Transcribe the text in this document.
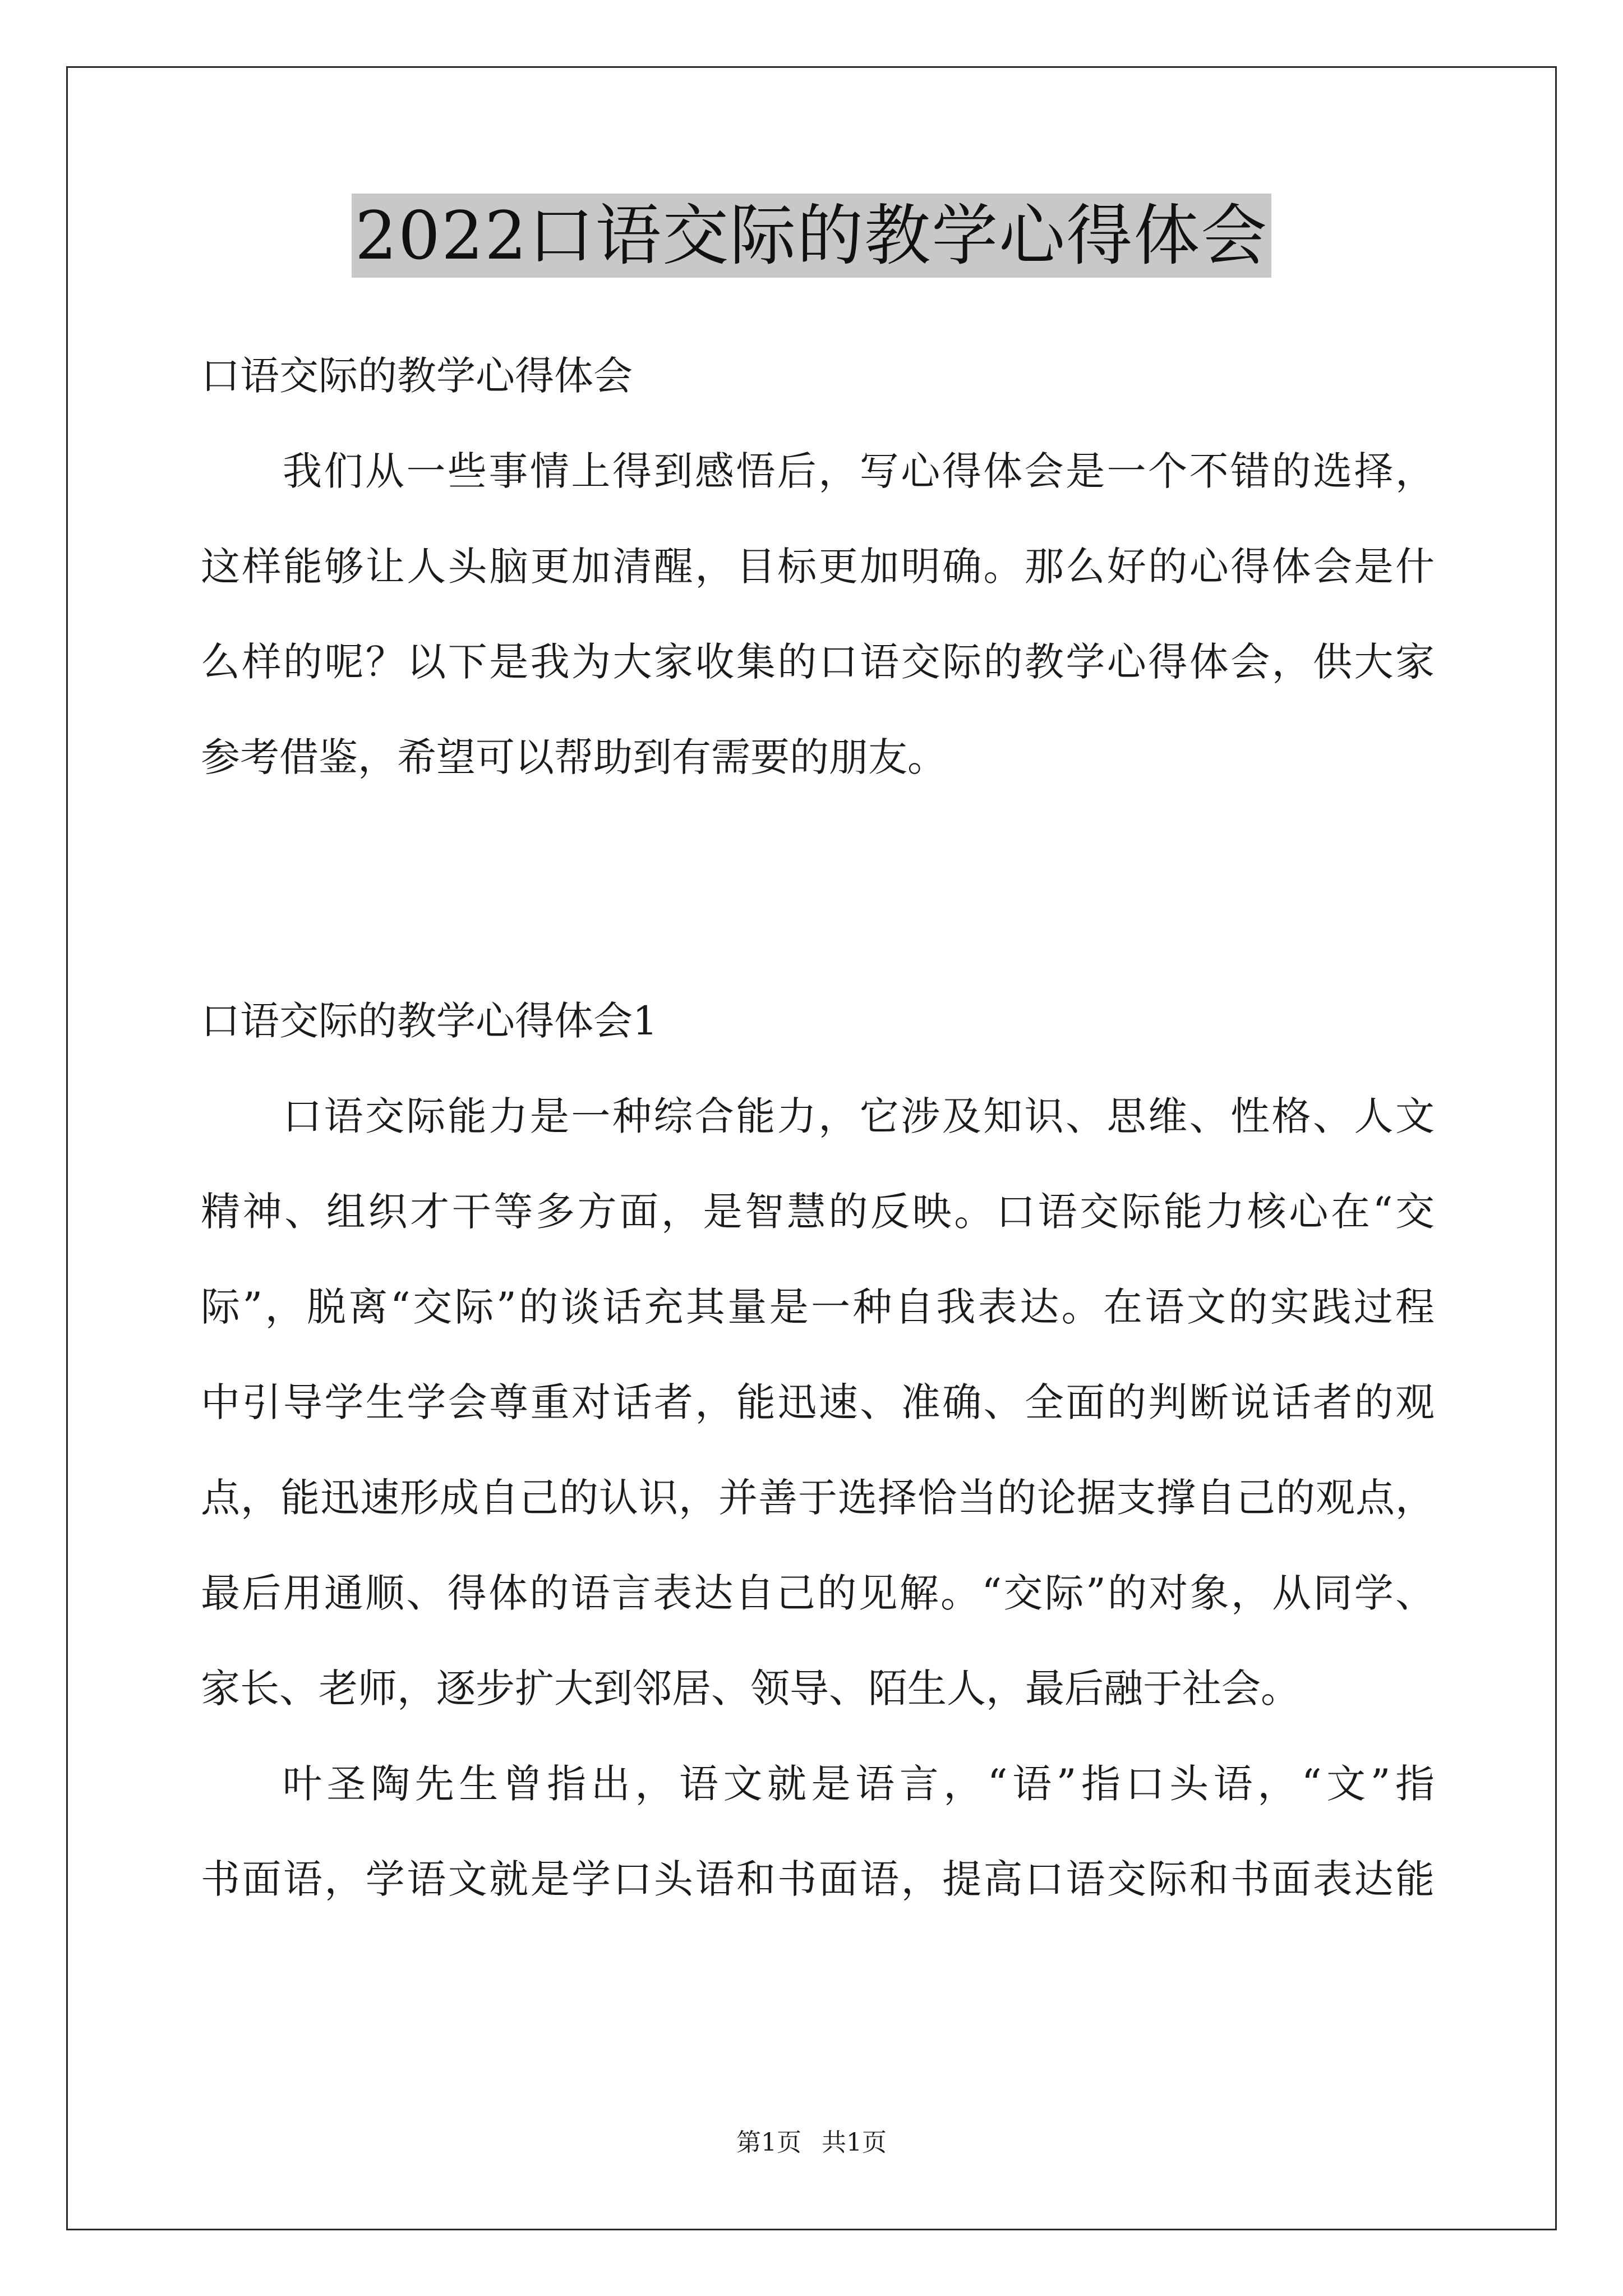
2022口语交际的教学心得体会
口语交际的教学心得体会
我们从一些事情上得到感悟后，写心得体会是一个不错的选择，
这样能够让人头脑更加清醒，目标更加明确。那么好的心得体会是什
么样的呢？以下是我为大家收集的口语交际的教学心得体会，供大家
参考借鉴，希望可以帮助到有需要的朋友。
口语交际的教学心得体会1
口语交际能力是一种综合能力，它涉及知识、思维、性格、人文
精神、组织才干等多方面，是智慧的反映。口语交际能力核心在“交
际”，脱离“交际”的谈话充其量是一种自我表达。在语文的实践过程
中引导学生学会尊重对话者，能迅速、准确、全面的判断说话者的观
点，能迅速形成自己的认识，并善于选择恰当的论据支撑自己的观点，
最后用通顺、得体的语言表达自己的见解。“交际”的对象，从同学、
家长、老师，逐步扩大到邻居、领导、陌生人，最后融于社会。
叶圣陶先生曾指出，语文就是语言，“语”指口头语，“文”指
书面语，学语文就是学口头语和书面语，提高口语交际和书面表达能
第1页 共1页
